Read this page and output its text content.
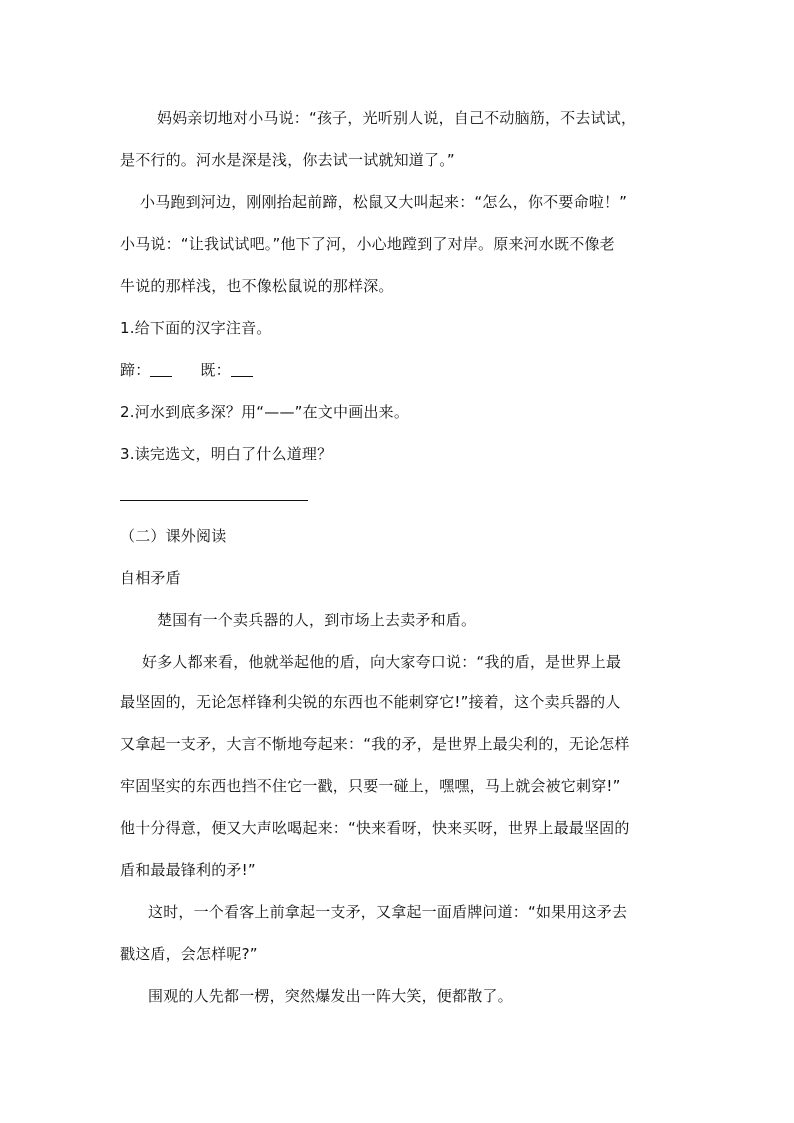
妈妈亲切地对小马说：“孩子，光听别人说，自己不动脑筋，不去试试，
是不行的。河水是深是浅，你去试一试就知道了。”
小马跑到河边，刚刚抬起前蹄，松鼠又大叫起来：“怎么，你不要命啦！”
小马说：“让我试试吧。”他下了河，小心地蹚到了对岸。原来河水既不像老
牛说的那样浅，也不像松鼠说的那样深。
1.给下面的汉字注音。
蹄：	既：
2.河水到底多深？用“——”在文中画出来。
3.读完选文，明白了什么道理？
（二）课外阅读
自相矛盾
楚国有一个卖兵器的人，到市场上去卖矛和盾。
好多人都来看，他就举起他的盾，向大家夸口说：“我的盾，是世界上最
最坚固的，无论怎样锋利尖锐的东西也不能刺穿它!”接着，这个卖兵器的人
又拿起一支矛，大言不惭地夸起来：“我的矛，是世界上最尖利的，无论怎样
牢固坚实的东西也挡不住它一戳，只要一碰上，嘿嘿，马上就会被它刺穿!”
他十分得意，便又大声吆喝起来：“快来看呀，快来买呀，世界上最最坚固的
盾和最最锋利的矛!”
这时，一个看客上前拿起一支矛，又拿起一面盾牌问道：“如果用这矛去
戳这盾，会怎样呢?”
围观的人先都一楞，突然爆发出一阵大笑，便都散了。
